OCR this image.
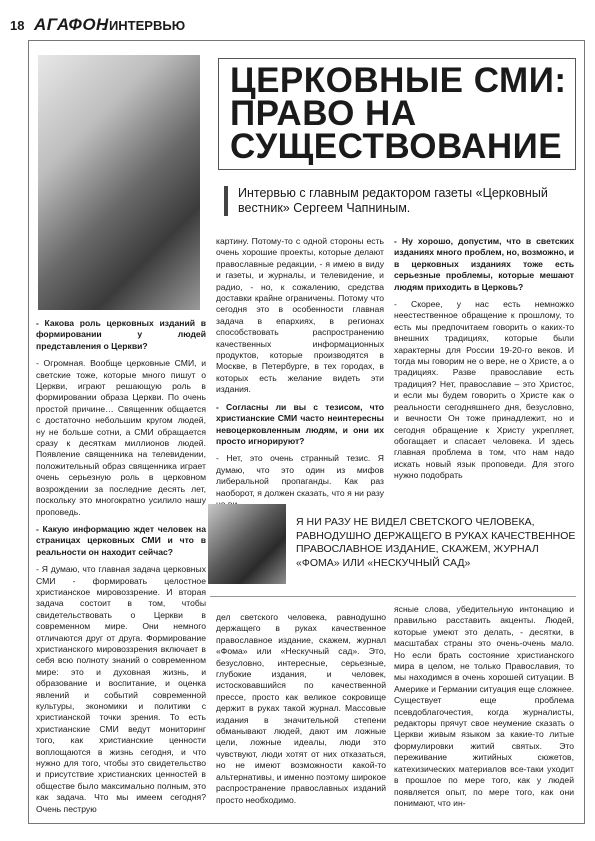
18 АГАФОН
: ИНТЕРВЬЮ
ЦЕРКОВНЫЕ СМИ: ПРАВО НА СУЩЕСТВОВАНИЕ
Интервью с главным редактором газеты «Церковный вестник» Сергеем Чапниным.

- Какова роль церковных изданий в формировании у людей представления о Церкви?

- Огромная. Вообще церковные СМИ, и светские тоже, которые много пишут о Церкви, играют решающую роль в формировании образа Церкви. По очень простой причине… Священник общается с достаточно небольшим кругом людей, ну не больше сотни, а СМИ обращается сразу к десяткам миллионов людей. Появление священника на телевидении, положительный образ священника играет очень серьезную роль в церковном возрождении за последние десять лет, поскольку это многократно усилило нашу проповедь.

- Какую информацию ждет человек на страницах церковных СМИ и что в реальности он находит сейчас?

- Я думаю, что главная задача церковных СМИ - формировать целостное христианское мировоззрение. И вторая задача состоит в том, чтобы свидетельствовать о Церкви в современном мире. Они немного отличаются друг от друга. Формирование христианского мировоззрения включает в себя всю полноту знаний о современном мире: это и духовная жизнь, и образование и воспитание, и оценка явлений и событий современной культуры, экономики и политики с христианской точки зрения. То есть христианские СМИ ведут мониторинг того, как христианские ценности воплощаются в жизнь сегодня, и что нужно для того, чтобы это свидетельство и присутствие христианских ценностей в обществе было максимально полным, это как задача. Что мы имеем сегодня? Очень пеструю

картину. Потому-то с одной стороны есть очень хорошие проекты, которые делают православные редакции, - я имею в виду и газеты, и журналы, и телевидение, и радио, - но, к сожалению, средства доставки крайне ограничены. Потому что сегодня это в особенности главная задача в епархиях, в регионах способствовать распространению качественных информационных продуктов, которые производятся в Москве, в Петербурге, в тех городах, в которых есть желание видеть эти издания.

- Согласны ли вы с тезисом, что христианские СМИ часто неинтересны невоцерковленным людям, и они их просто игнорируют?

- Нет, это очень странный тезис. Я думаю, что это один из мифов либеральной пропаганды. Как раз наоборот, я должен сказать, что я ни разу

- Ну хорошо, допустим, что в светских изданиях много проблем, но, возможно, и в церковных изданиях тоже есть серьезные проблемы, которые мешают людям приходить в Церковь?

- Скорее, у нас есть немножко неестественное обращение к прошлому, то есть мы предпочитаем говорить о каких-то внешних традициях, которые были характерны для России 19-20-го веков. И тогда мы говорим не о вере, не о Христе, а о традициях. Разве православие есть традиция? Нет, православие – это Христос, и если мы будем говорить о Христе как о реальности сегодняшнего дня, безусловно, и вечности Он тоже принадлежит, но и сегодня обращение к Христу укрепляет, обогащает и спасает человека. И здесь главная проблема в том, что нам надо искать новый язык проповеди. Для этого нужно подобрать

Я НИ РАЗУ НЕ ВИДЕЛ СВЕТСКОГО ЧЕЛОВЕКА, РАВНОДУШНО ДЕРЖАЩЕГО В РУКАХ КАЧЕСТВЕННОЕ ПРАВОСЛАВНОЕ ИЗДАНИЕ, СКАЖЕМ, ЖУРНАЛ «ФОМА» ИЛИ «НЕСКУЧНЫЙ САД»

дел светского человека, равнодушно держащего в руках качественное православное издание, скажем, журнал «Фома» или «Нескучный сад». Это, безусловно, интересные, серьезные, глубокие издания, и человек, истосковавшийся по качественной прессе, просто как великое сокровище держит в руках такой журнал. Массовые издания в значительной степени обманывают людей, дают им ложные цели, ложные идеалы, люди это чувствуют, люди хотят от них отказаться, но не имеют возможности какой-то альтернативы, и именно поэтому широкое распространение православных изданий просто необходимо.

ясные слова, убедительную интонацию и правильно расставить акценты. Людей, которые умеют это делать, - десятки, в масштабах страны это очень-очень мало. Но если брать состояние христианского мира в целом, не только Православия, то мы находимся в очень хорошей ситуации. В Америке и Германии ситуация еще сложнее. Существует еще проблема псевдоблагочестия, когда журналисты, редакторы прячут свое неумение сказать о Церкви живым языком за какие-то литые формулировки житий святых. Это переживание житийных сюжетов, катехизических материалов все-таки уходит в прошлое по мере того, как у людей появляется опыт, по мере того, как они понимают, что ин-
